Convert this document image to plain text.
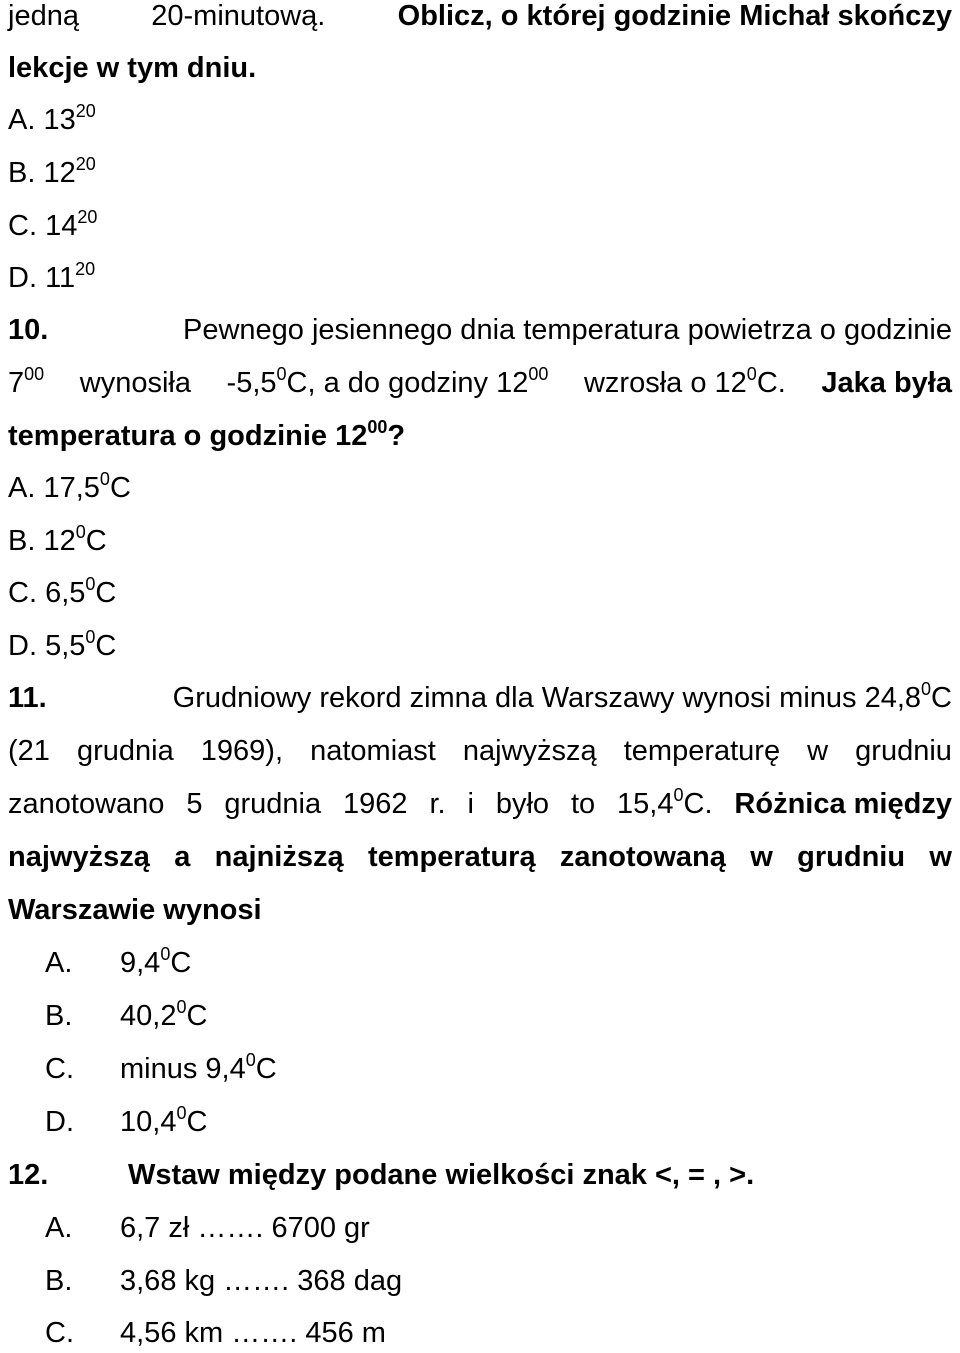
jedną 20-minutową. Oblicz, o której godzinie Michał skończy
lekcje w tym dniu.
A. $13^{20}$
B. $12^{20}$
C. $14^{20}$
D. $11^{20}$
10.	Pewnego jesiennego dnia temperatura powietrza o godzinie
$7^{00}$ wynosiła $-5,5^0C$, a do godziny $12^{00}$ wzrosła o $12^0C$. Jaka była
temperatura o godzinie $12^{00}$?
A. 17,5$^0$C
B. $12^0C$
C. $6,5^0C$
D. $5,5^0C$
11.	Grudniowy rekord zimna dla Warszawy wynosi minus 24,8$^0$C
(21 grudnia 1969), natomiast najwyższą temperaturę w grudniu
zanotowano 5 grudnia 1962 r. i było to 15,4$^0$C. Różnica między
najwyższą a najniższą temperaturą zanotowaną w grudniu w
Warszawie wynosi
A. $9,4^0C$
B. 40,2$^0$C
C. minus $9,4^0C$
D. 10,4$^0$C
12.	Wstaw między podane wielkości znak <, = , >.
A. 6,7 zł ……. 6700 gr
B. 3,68 kg ……. 368 dag
C. 4,56 km ……. 456 m
